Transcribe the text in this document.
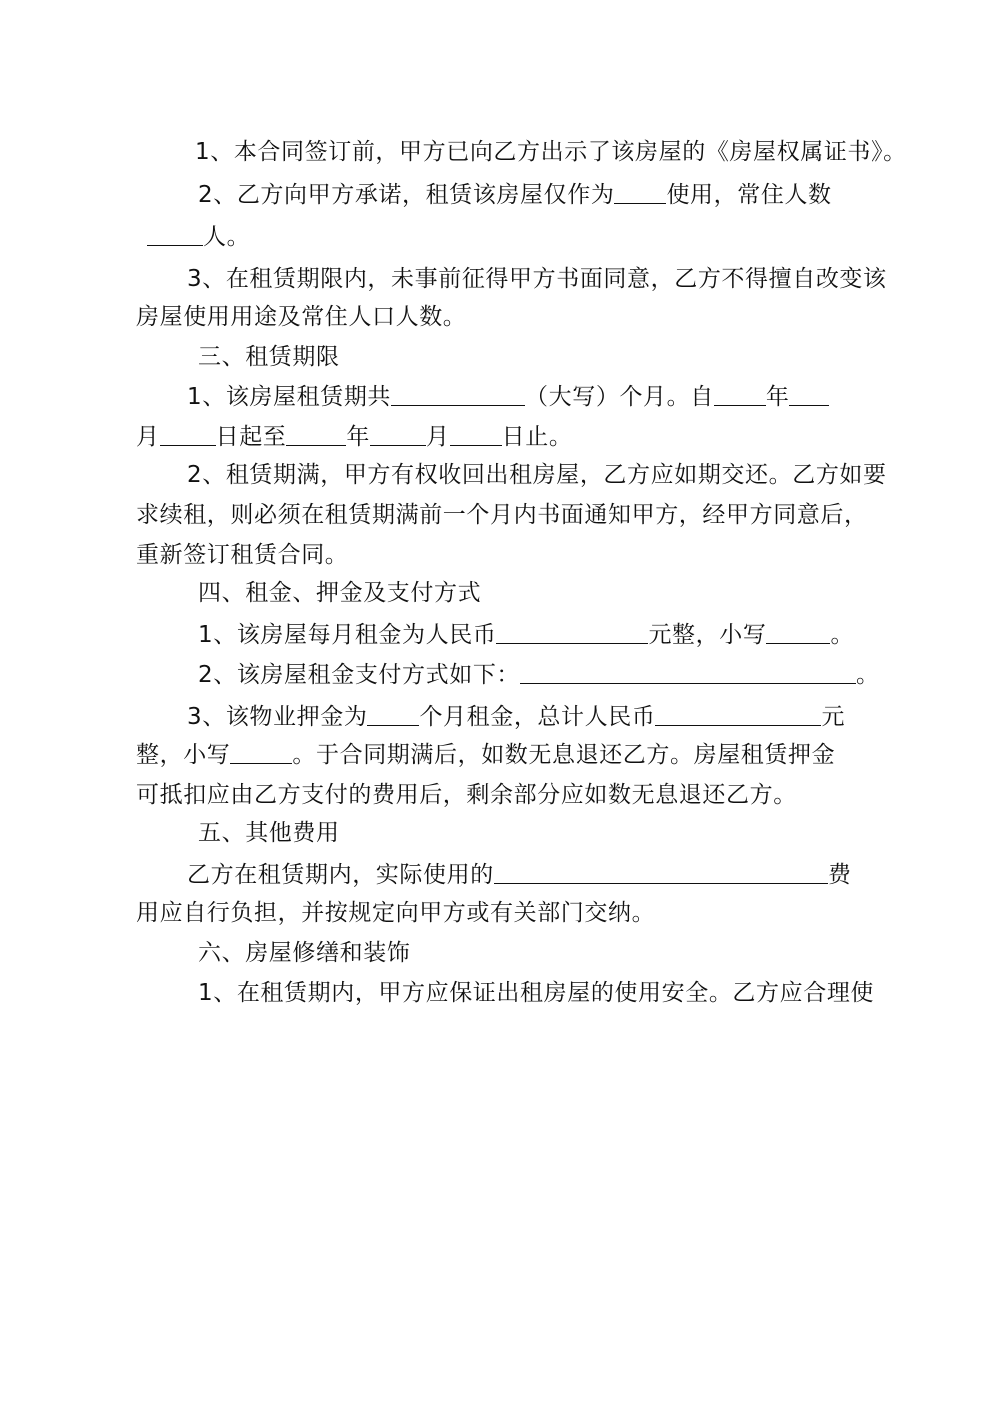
1、本合同签订前，甲方已向乙方出示了该房屋的《房屋权属证书》。
2、乙方向甲方承诺，租赁该房屋仅作为 使用，常住人数
人。
3、在租赁期限内，未事前征得甲方书面同意，乙方不得擅自改变该
房屋使用用途及常住人口人数。
三、租赁期限
1、该房屋租赁期共	（大写）个月。自 年
月 日起至	年 月 日止。
2、租赁期满，甲方有权收回出租房屋，乙方应如期交还。乙方如要
求续租，则必须在租赁期满前一个月内书面通知甲方，经甲方同意后，
重新签订租赁合同。
四、租金、押金及支付方式
1、该房屋每月租金为人民币	元整，小写	。
2、该房屋租金支付方式如下：	。
3、该物业押金为 个月租金，总计人民币	元
整，小写	。于合同期满后，如数无息退还乙方。房屋租赁押金
可抵扣应由乙方支付的费用后，剩余部分应如数无息退还乙方。
五、其他费用
乙方在租赁期内，实际使用的	费
用应自行负担，并按规定向甲方或有关部门交纳。
六、房屋修缮和装饰
1、在租赁期内，甲方应保证出租房屋的使用安全。乙方应合理使
